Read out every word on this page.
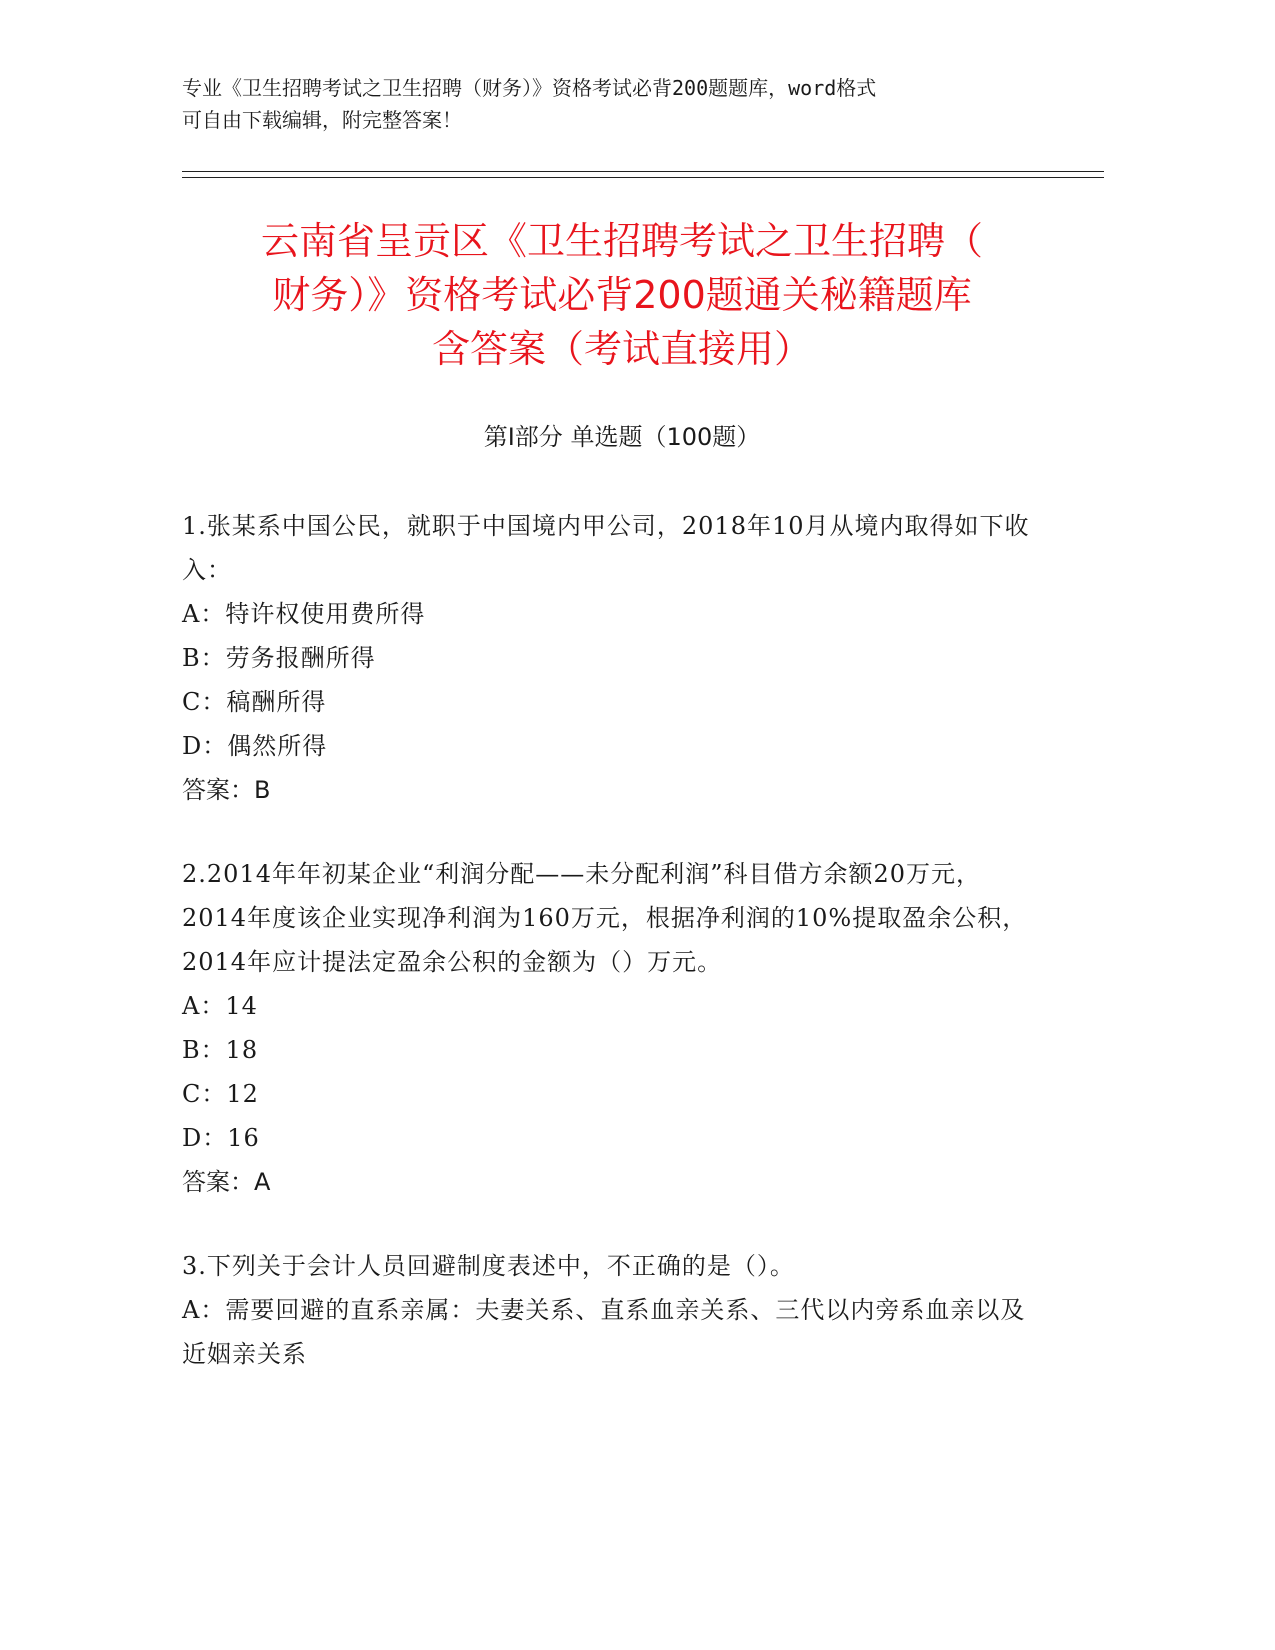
专业《卫生招聘考试之卫生招聘（财务）》资格考试必背200题题库，word格式
可自由下载编辑，附完整答案！
云南省呈贡区《卫生招聘考试之卫生招聘（
财务）》资格考试必背200题通关秘籍题库
含答案（考试直接用）
第Ⅰ部分 单选题（100题）
1.张某系中国公民，就职于中国境内甲公司，2018年10月从境内取得如下收入：
A：特许权使用费所得
B：劳务报酬所得
C：稿酬所得
D：偶然所得
答案：B
2.2014年年初某企业“利润分配——未分配利润”科目借方余额20万元，2014年度该企业实现净利润为160万元，根据净利润的10%提取盈余公积，2014年应计提法定盈余公积的金额为（）万元。
A：14
B：18
C：12
D：16
答案：A
3.下列关于会计人员回避制度表述中，不正确的是（）。
A：需要回避的直系亲属：夫妻关系、直系血亲关系、三代以内旁系血亲以及近姻亲关系
